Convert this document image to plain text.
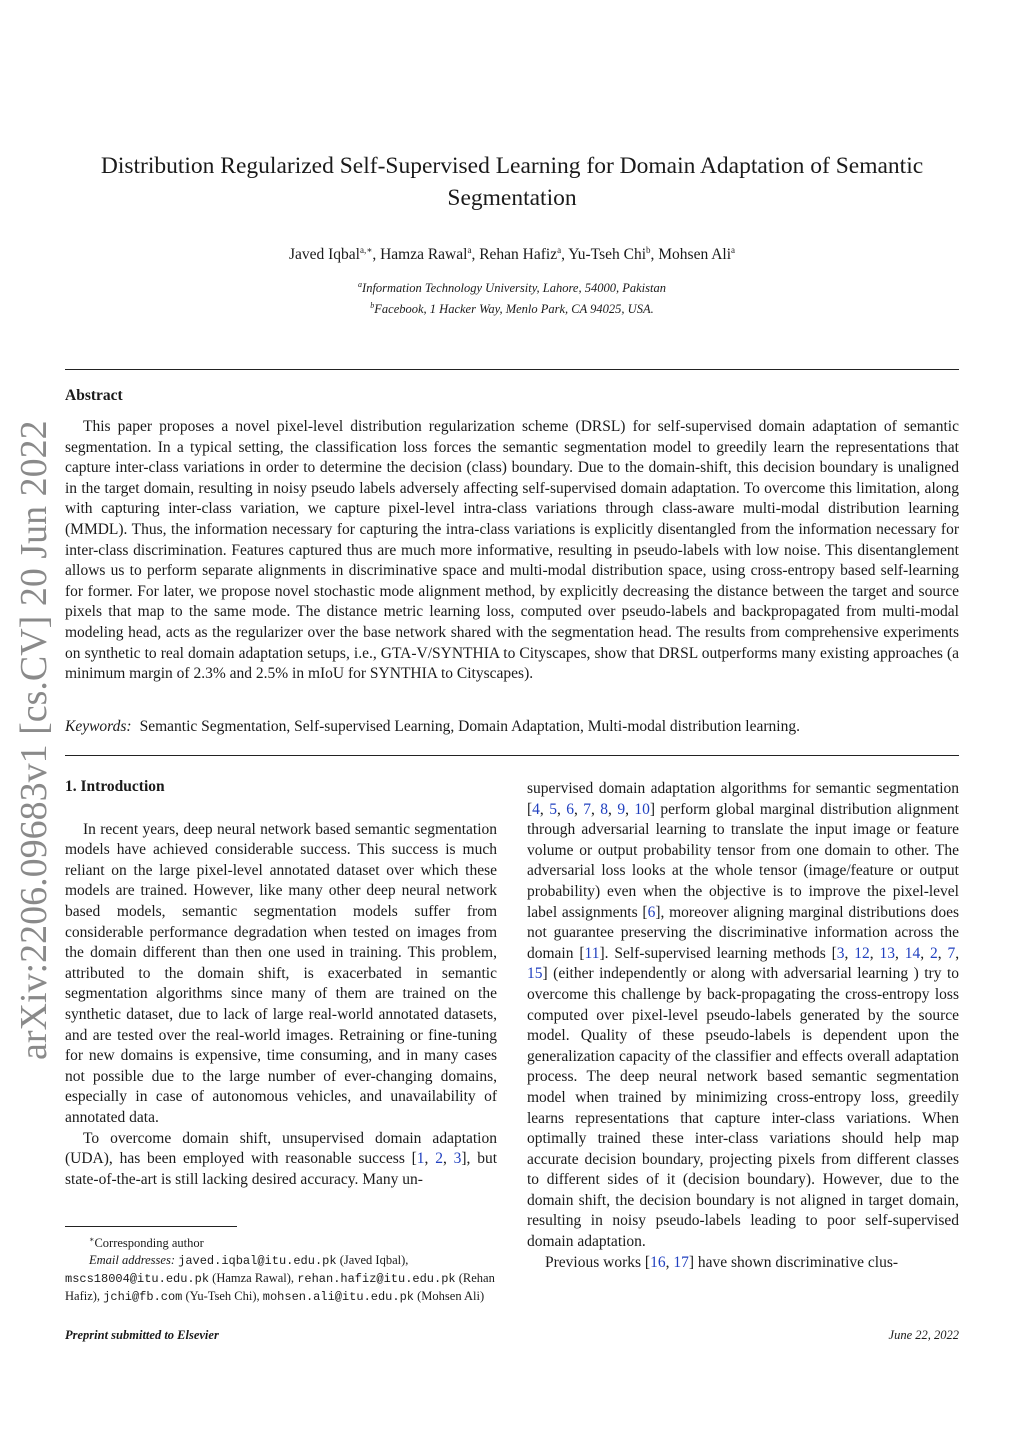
arXiv:2206.09683v1 [cs.CV] 20 Jun 2022
Distribution Regularized Self-Supervised Learning for Domain Adaptation of Semantic Segmentation
Javed Iqbal$^{a,∗}$, Hamza Rawal$^a$, Rehan Hafiz$^a$, Yu-Tseh Chi$^b$, Mohsen Ali$^a$
$^a$Information Technology University, Lahore, 54000, Pakistan
$^b$Facebook, 1 Hacker Way, Menlo Park, CA 94025, USA.
Abstract
This paper proposes a novel pixel-level distribution regularization scheme (DRSL) for self-supervised domain adaptation of semantic segmentation. In a typical setting, the classification loss forces the semantic segmentation model to greedily learn the representations that capture inter-class variations in order to determine the decision (class) boundary. Due to the domain-shift, this decision boundary is unaligned in the target domain, resulting in noisy pseudo labels adversely affecting self-supervised domain adaptation. To overcome this limitation, along with capturing inter-class variation, we capture pixel-level intra-class variations through class-aware multi-modal distribution learning (MMDL). Thus, the information necessary for capturing the intra-class variations is explicitly disentangled from the information necessary for inter-class discrimination. Features captured thus are much more informative, resulting in pseudo-labels with low noise. This disentanglement allows us to perform separate alignments in discriminative space and multi-modal distribution space, using cross-entropy based self-learning for former. For later, we propose novel stochastic mode alignment method, by explicitly decreasing the distance between the target and source pixels that map to the same mode. The distance metric learning loss, computed over pseudo-labels and backpropagated from multi-modal modeling head, acts as the regularizer over the base network shared with the segmentation head. The results from comprehensive experiments on synthetic to real domain adaptation setups, i.e., GTA-V/SYNTHIA to Cityscapes, show that DRSL outperforms many existing approaches (a minimum margin of 2.3% and 2.5% in mIoU for SYNTHIA to Cityscapes).
Keywords: Semantic Segmentation, Self-supervised Learning, Domain Adaptation, Multi-modal distribution learning.
1. Introduction

In recent years, deep neural network based semantic segmentation models have achieved considerable success. This success is much reliant on the large pixel-level annotated dataset over which these models are trained. However, like many other deep neural network based models, semantic segmentation models suffer from considerable performance degradation when tested on images from the domain different than then one used in training. This problem, attributed to the domain shift, is exacerbated in semantic segmentation algorithms since many of them are trained on the synthetic dataset, due to lack of large real-world annotated datasets, and are tested over the real-world images. Retraining or fine-tuning for new domains is expensive, time consuming, and in many cases not possible due to the large number of ever-changing domains, especially in case of autonomous vehicles, and unavailability of annotated data.

To overcome domain shift, unsupervised domain adaptation (UDA), has been employed with reasonable success [1, 2, 3], but state-of-the-art is still lacking desired accuracy. Many un-

∗Corresponding author
Email addresses: javed.iqbal@itu.edu.pk (Javed Iqbal), mscs18004@itu.edu.pk (Hamza Rawal), rehan.hafiz@itu.edu.pk (Rehan Hafiz), jchi@fb.com (Yu-Tseh Chi), mohsen.ali@itu.edu.pk (Mohsen Ali)

supervised domain adaptation algorithms for semantic segmentation [4, 5, 6, 7, 8, 9, 10] perform global marginal distribution alignment through adversarial learning to translate the input image or feature volume or output probability tensor from one domain to other. The adversarial loss looks at the whole tensor (image/feature or output probability) even when the objective is to improve the pixel-level label assignments [6], moreover aligning marginal distributions does not guarantee preserving the discriminative information across the domain [11]. Self-supervised learning methods [3, 12, 13, 14, 2, 7, 15] (either independently or along with adversarial learning ) try to overcome this challenge by back-propagating the cross-entropy loss computed over pixel-level pseudo-labels generated by the source model. Quality of these pseudo-labels is dependent upon the generalization capacity of the classifier and effects overall adaptation process. The deep neural network based semantic segmentation model when trained by minimizing cross-entropy loss, greedily learns representations that capture inter-class variations. When optimally trained these inter-class variations should help map accurate decision boundary, projecting pixels from different classes to different sides of it (decision boundary). However, due to the domain shift, the decision boundary is not aligned in target domain, resulting in noisy pseudo-labels leading to poor self-supervised domain adaptation.

Previous works [16, 17] have shown discriminative clus-

Preprint submitted to Elsevier	June 22, 2022
